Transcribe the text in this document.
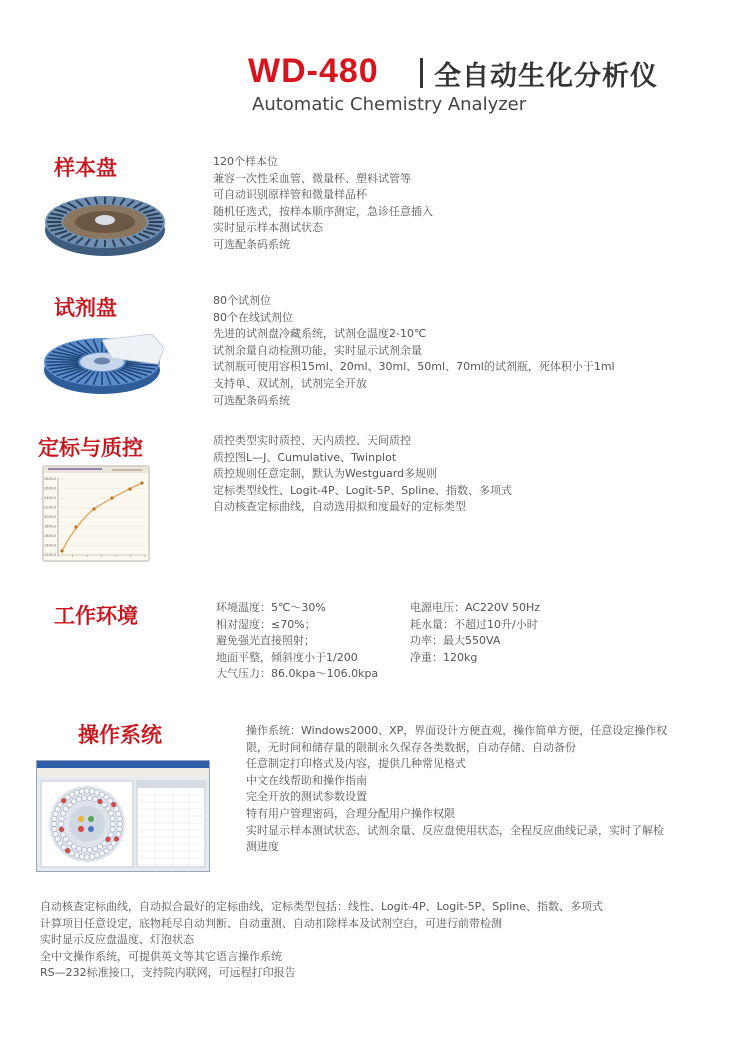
WD-480 全自动生化分析仪
Automatic Chemistry Analyzer
样本盘	120个样本位
兼容一次性采血管、微量杯、塑料试管等
可自动识别原样管和微量样品杯
随机任选式，按样本顺序测定，急诊任意插入
实时显示样本测试状态
可选配条码系统
试剂盘	80个试剂位
80个在线试剂位
先进的试剂盘冷藏系统，试剂仓温度2-10℃
试剂余量自动检测功能，实时显示试剂余量
试剂瓶可使用容积15ml、20ml、30ml、50ml、70ml的试剂瓶，死体积小于1ml
支持单、双试剂，试剂完全开放
可选配条码系统
定标与质控
2800.0
2600.0
2400.0
2200.0
2000.0
1800.0
1600.0
1400.0
1200.0
质控类型实时质控、天内质控、天间质控
质控图L—J、Cumulative、Twinplot
质控规则任意定制，默认为Westguard多规则
定标类型线性、Logit-4P、Logit-5P、Spline、指数、多项式
自动核查定标曲线，自动选用拟和度最好的定标类型
工作环境	环境温度：5℃～30%
相对湿度：≤70%；
避免强光直接照射；
地面平整，倾斜度小于1/200
大气压力：86.0kpa～106.0kpa
电源电压：AC220V 50Hz
耗水量：不超过10升/小时
功率：最大550VA
净重：120kg
操作系统	操作系统：Windows2000、XP，界面设计方便直观，操作简单方便，任意设定操作权
限，无时间和储存量的限制永久保存各类数据，自动存储、自动备份
任意制定打印格式及内容，提供几种常见格式
中文在线帮助和操作指南
完全开放的测试参数设置
特有用户管理密码，合理分配用户操作权限
实时显示样本测试状态、试剂余量、反应盘使用状态，全程反应曲线记录，实时了解检
测进度
自动核查定标曲线，自动拟合最好的定标曲线，定标类型包括：线性、Logit-4P、Logit-5P、Spline、指数、多项式
计算项目任意设定，底物耗尽自动判断、自动重测、自动扣除样本及试剂空白，可进行前带检测
实时显示反应盘温度、灯泡状态
全中文操作系统，可提供英文等其它语言操作系统
RS—232标准接口，支持院内联网，可远程打印报告
